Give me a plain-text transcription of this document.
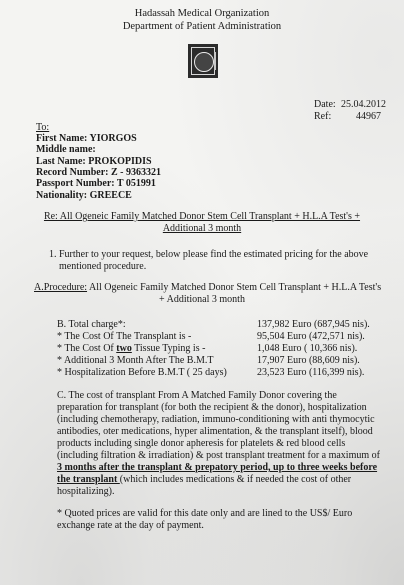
Hadassah Medical Organization
Department of Patient Administration
Date: 25.04.2012
Ref: 44967
To:
First Name: YIORGOS
Middle name:
Last Name: PROKOPIDIS
Record Number: Z - 9363321
Passport Number: T 051991
Nationality: GREECE
Re: All Ogeneic Family Matched Donor Stem Cell Transplant + H.L.A Test's +
Additional 3 month
1. Further to your request, below please find the estimated pricing for the above
mentioned procedure.
A.Procedure: All Ogeneic Family Matched Donor Stem Cell Transplant + H.L.A Test's
+ Additional 3 month
B. Total charge*:	137,982 Euro (687,945 nis).
* The Cost Of The Transplant is -	95,504 Euro (472,571 nis).
* The Cost Of two Tissue Typing is -	1,048 Euro ( 10,366 nis).
* Additional 3 Month After The B.M.T	17,907 Euro (88,609 nis).
* Hospitalization Before B.M.T ( 25 days)	23,523 Euro (116,399 nis).
C. The cost of transplant From A Matched Family Donor covering the
preparation for transplant (for both the recipient & the donor), hospitalization
(including chemotherapy, radiation, immuno-conditioning with anti thymocytic
antibodies, oter medications, hyper alimentation, & the transplant itself), blood
products including single donor apheresis for platelets & red blood cells
(including filtration & irradiation) & post transplant treatment for a maximum of
3 months after the transplant & prepatory period, up to three weeks before
the transplant (which includes medications & if needed the cost of other
hospitalizing).
* Quoted prices are valid for this date only and are lined to the US$/ Euro
exchange rate at the day of payment.
